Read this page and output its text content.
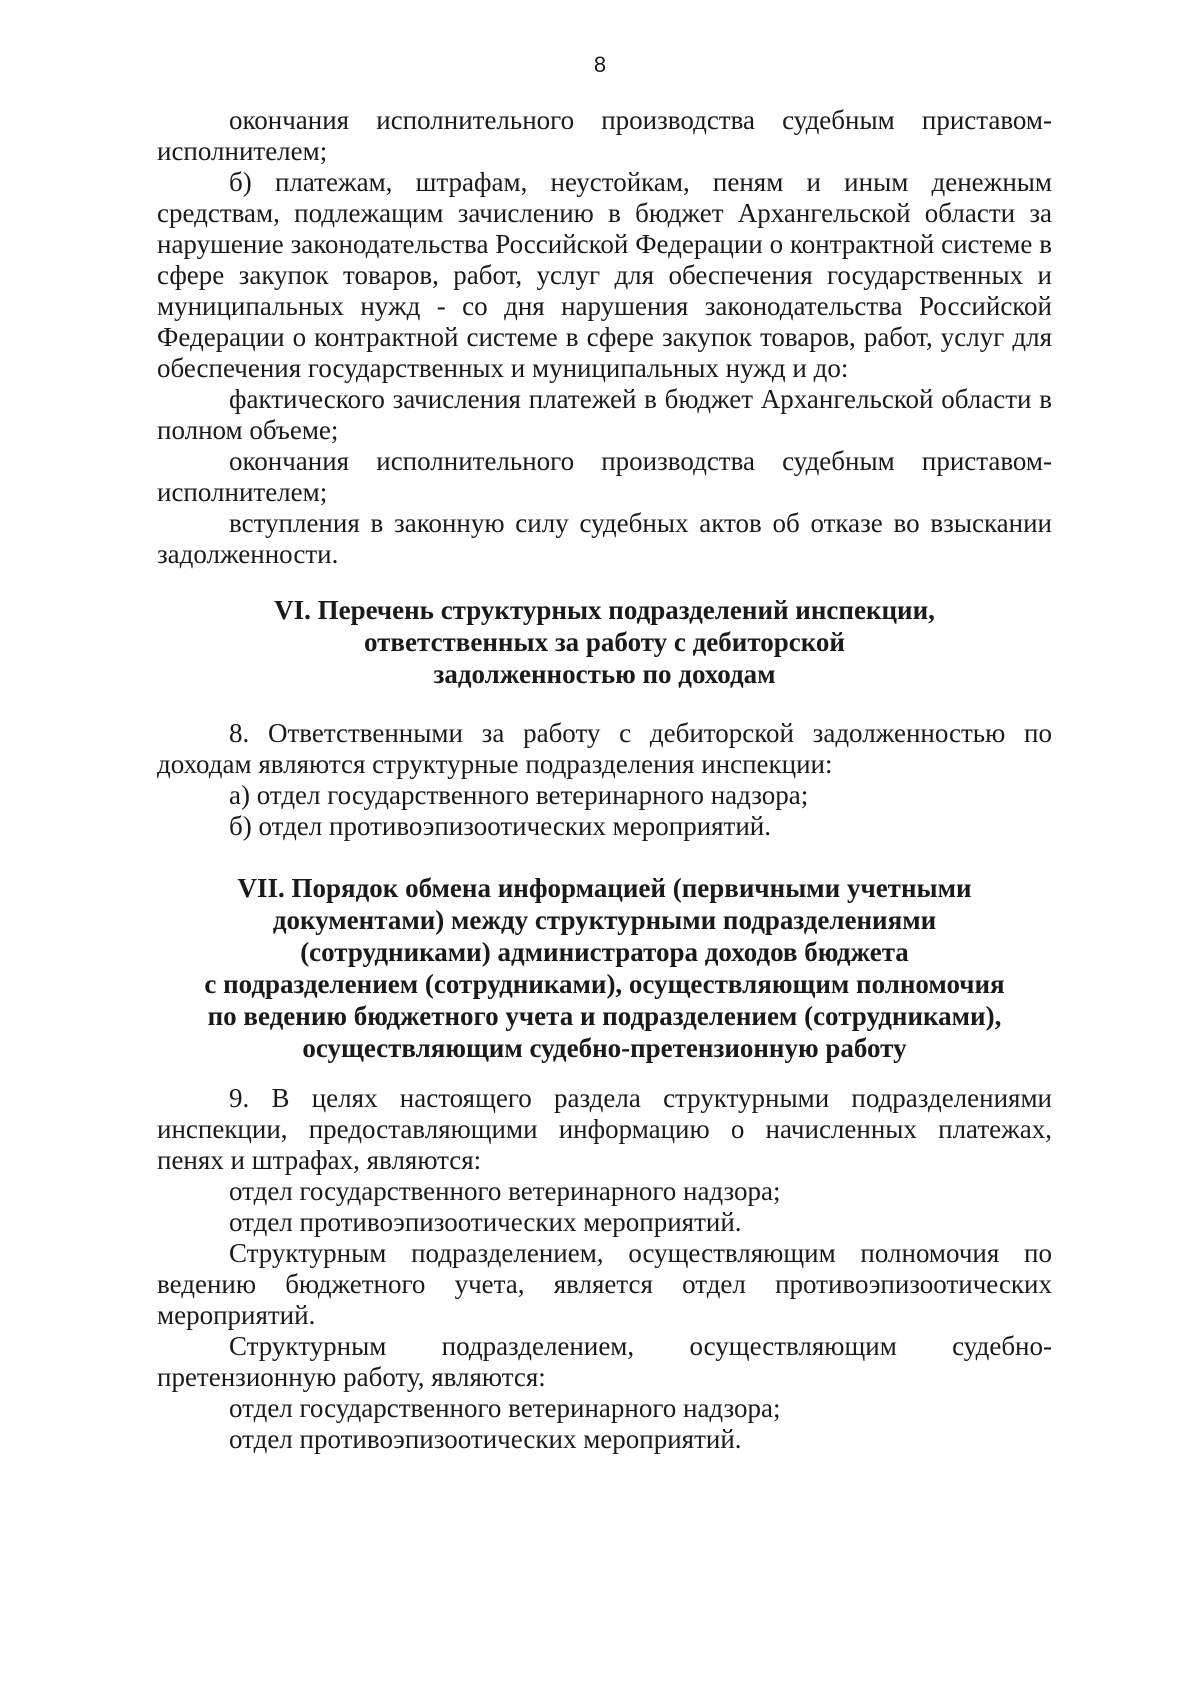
8

окончания исполнительного производства судебным приставом-исполнителем;

б) платежам, штрафам, неустойкам, пеням и иным денежным средствам, подлежащим зачислению в бюджет Архангельской области за нарушение законодательства Российской Федерации о контрактной системе в сфере закупок товаров, работ, услуг для обеспечения государственных и муниципальных нужд - со дня нарушения законодательства Российской Федерации о контрактной системе в сфере закупок товаров, работ, услуг для обеспечения государственных и муниципальных нужд и до:

фактического зачисления платежей в бюджет Архангельской области в полном объеме;

окончания исполнительного производства судебным приставом-исполнителем;

вступления в законную силу судебных актов об отказе во взыскании задолженности.

VI. Перечень структурных подразделений инспекции,

ответственных за работу с дебиторской

задолженностью по доходам

8. Ответственными за работу с дебиторской задолженностью по доходам являются структурные подразделения инспекции:

а) отдел государственного ветеринарного надзора;

б) отдел противоэпизоотических мероприятий.

VII. Порядок обмена информацией (первичными учетными

документами) между структурными подразделениями

(сотрудниками) администратора доходов бюджета

с подразделением (сотрудниками), осуществляющим полномочия

по ведению бюджетного учета и подразделением (сотрудниками),

осуществляющим судебно-претензионную работу

9. В целях настоящего раздела структурными подразделениями инспекции, предоставляющими информацию о начисленных платежах, пенях и штрафах, являются:

отдел государственного ветеринарного надзора;

отдел противоэпизоотических мероприятий.

Структурным подразделением, осуществляющим полномочия по ведению бюджетного учета, является отдел противоэпизоотических мероприятий.

Структурным подразделением, осуществляющим судебно-претензионную работу, являются:

отдел государственного ветеринарного надзора;

отдел противоэпизоотических мероприятий.
